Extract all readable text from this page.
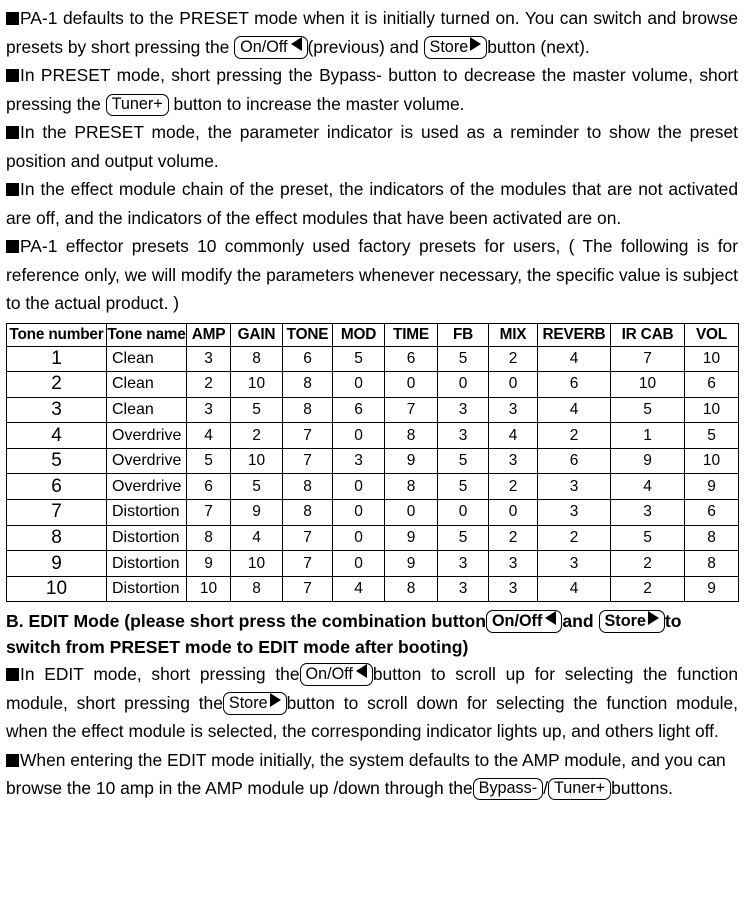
PA-1 defaults to the PRESET mode when it is initially turned on. You can switch and browse presets by short pressing the On/Off (previous) and Store button (next).
In PRESET mode, short pressing the Bypass- button to decrease the master volume, short pressing the Tuner+ button to increase the master volume.
In the PRESET mode, the parameter indicator is used as a reminder to show the preset position and output volume.
In the effect module chain of the preset, the indicators of the modules that are not activated are off, and the indicators of the effect modules that have been activated are on.
PA-1 effector presets 10 commonly used factory presets for users, ( The following is for reference only, we will modify the parameters whenever necessary, the specific value is subject to the actual product. )
Tone number	Tone name	AMP	GAIN	TONE	MOD	TIME	FB	MIX	REVERB	IR CAB	VOL
1	Clean	3	8	6	5	6	5	2	4	7	10
2	Clean	2	10	8	0	0	0	0	6	10	6
3	Clean	3	5	8	6	7	3	3	4	5	10
4	Overdrive	4	2	7	0	8	3	4	2	1	5
5	Overdrive	5	10	7	3	9	5	3	6	9	10
6	Overdrive	6	5	8	0	8	5	2	3	4	9
7	Distortion	7	9	8	0	0	0	0	3	3	6
8	Distortion	8	4	7	0	9	5	2	2	5	8
9	Distortion	9	10	7	0	9	3	3	3	2	8
10	Distortion	10	8	7	4	8	3	3	4	2	9
B. EDIT Mode (please short press the combination button On/Off and Store to switch from PRESET mode to EDIT mode after booting)
In EDIT mode, short pressing the On/Off button to scroll up for selecting the function module, short pressing the Store button to scroll down for selecting the function module, when the effect module is selected, the corresponding indicator lights up, and others light off.
When entering the EDIT mode initially, the system defaults to the AMP module, and you can browse the 10 amp in the AMP module up /down through the Bypass- / Tuner+ buttons.
